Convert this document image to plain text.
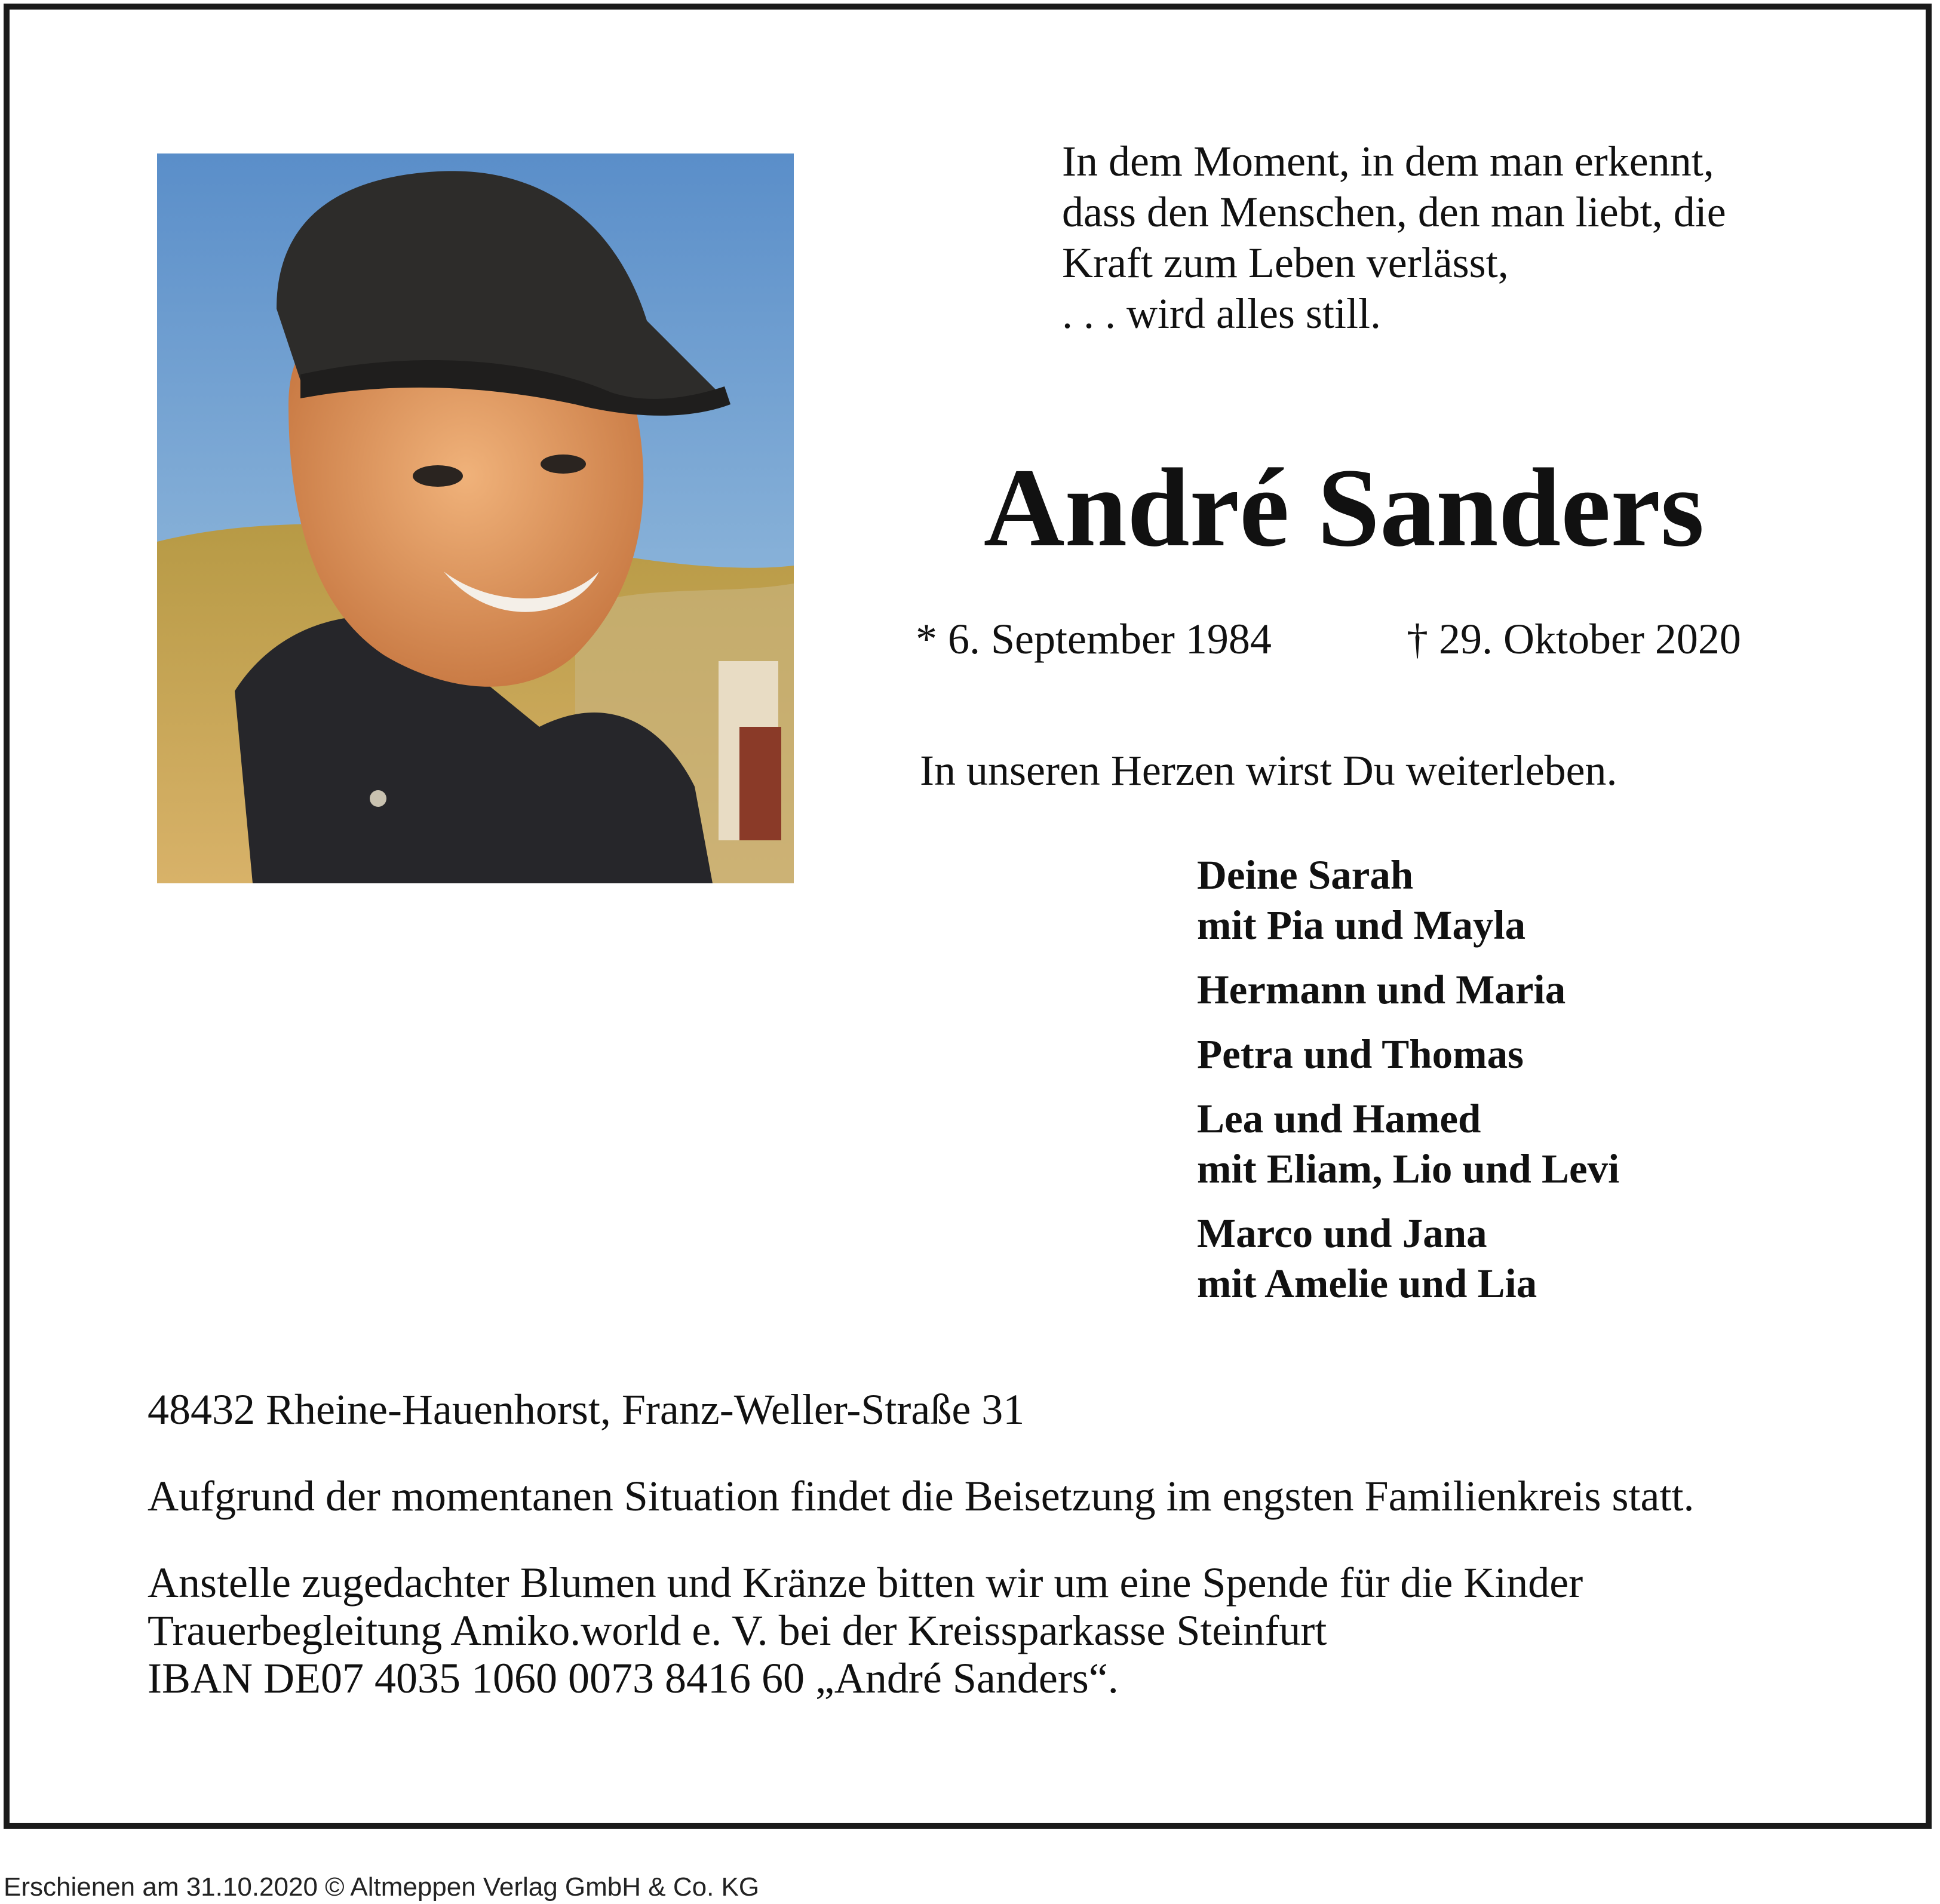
In dem Moment, in dem man erkennt,
dass den Menschen, den man liebt, die
Kraft zum Leben verlässt,
. . . wird alles still.
André Sanders
* 6. September 1984	† 29. Oktober 2020
In unseren Herzen wirst Du weiterleben.
Deine Sarah
mit Pia und Mayla
Hermann und Maria
Petra und Thomas
Lea und Hamed
mit Eliam, Lio und Levi
Marco und Jana
mit Amelie und Lia
48432 Rheine-Hauenhorst, Franz-Weller-Straße 31
Aufgrund der momentanen Situation findet die Beisetzung im engsten Familienkreis statt.
Anstelle zugedachter Blumen und Kränze bitten wir um eine Spende für die Kinder
Trauerbegleitung Amiko.world e. V. bei der Kreissparkasse Steinfurt
IBAN DE07 4035 1060 0073 8416 60 „André Sanders“.
Erschienen am 31.10.2020 © Altmeppen Verlag GmbH & Co. KG
